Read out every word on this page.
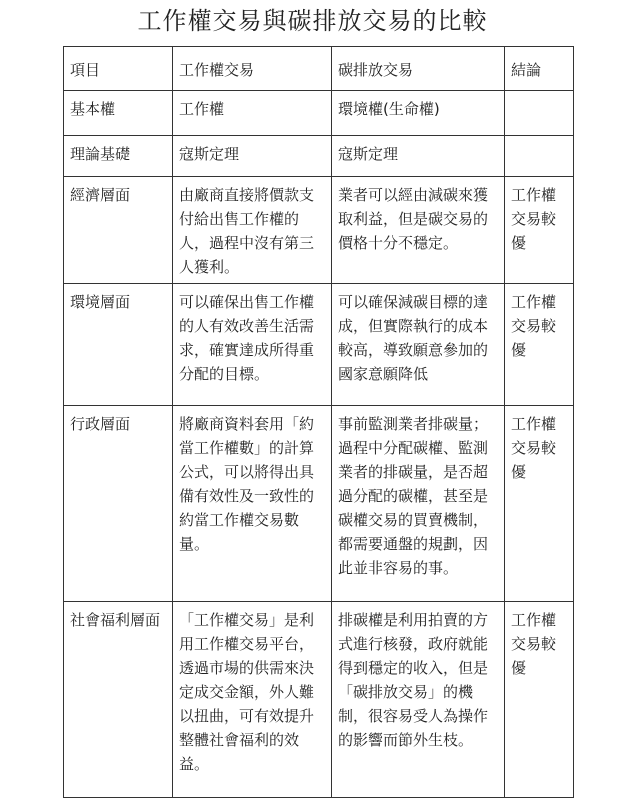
工作權交易與碳排放交易的比較
項目	工作權交易	碳排放交易	結論
基本權	工作權	環境權(生命權)	
理論基礎	寇斯定理	寇斯定理	
經濟層面	由廠商直接將價款支付給出售工作權的人，過程中沒有第三人獲利。	業者可以經由減碳來獲取利益，但是碳交易的價格十分不穩定。	工作權交易較優
環境層面	可以確保出售工作權的人有效改善生活需求，確實達成所得重分配的目標。	可以確保減碳目標的達成，但實際執行的成本較高，導致願意參加的國家意願降低	工作權交易較優
行政層面	將廠商資料套用「約當工作權數」的計算公式，可以將得出具備有效性及一致性的約當工作權交易數量。	事前監測業者排碳量；過程中分配碳權、監測業者的排碳量，是否超過分配的碳權，甚至是碳權交易的買賣機制，都需要通盤的規劃，因此並非容易的事。	工作權交易較優
社會福利層面	「工作權交易」是利用工作權交易平台，透過市場的供需來決定成交金額，外人難以扭曲，可有效提升整體社會福利的效益。	排碳權是利用拍賣的方式進行核發，政府就能得到穩定的收入，但是「碳排放交易」的機制，很容易受人為操作的影響而節外生枝。	工作權交易較優
